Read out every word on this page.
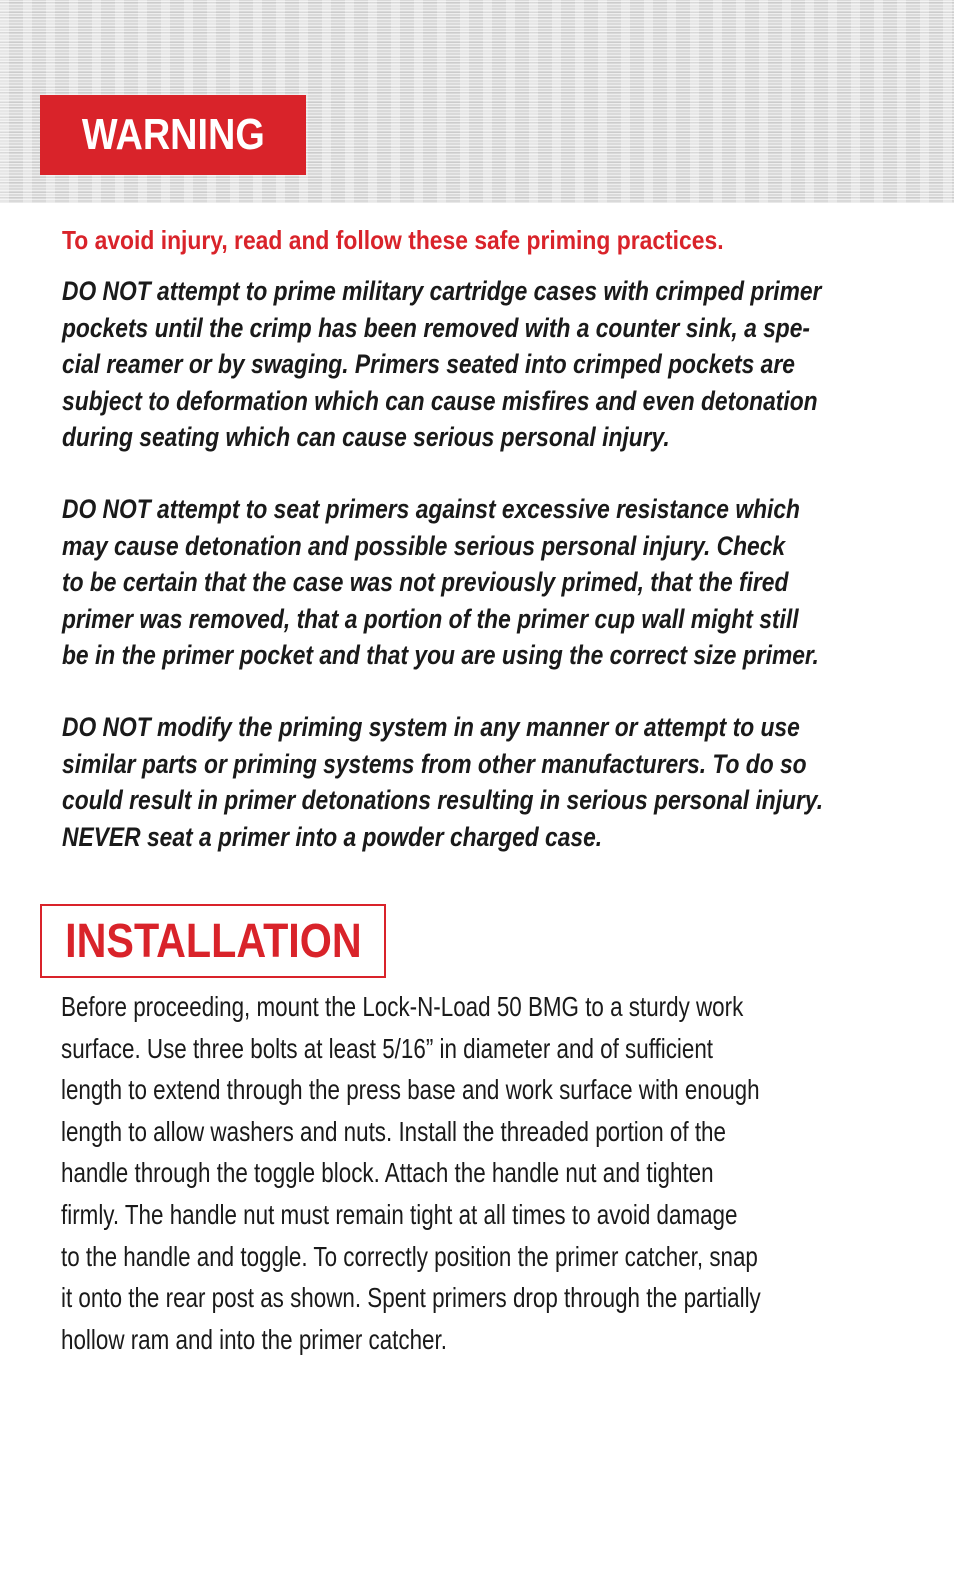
WARNING
To avoid injury, read and follow these safe priming practices.
DO NOT attempt to prime military cartridge cases with crimped primer
pockets until the crimp has been removed with a counter sink, a spe-
cial reamer or by swaging. Primers seated into crimped pockets are
subject to deformation which can cause misfires and even detonation
during seating which can cause serious personal injury.
DO NOT attempt to seat primers against excessive resistance which
may cause detonation and possible serious personal injury. Check
to be certain that the case was not previously primed, that the fired
primer was removed, that a portion of the primer cup wall might still
be in the primer pocket and that you are using the correct size primer.
DO NOT modify the priming system in any manner or attempt to use
similar parts or priming systems from other manufacturers. To do so
could result in primer detonations resulting in serious personal injury.
NEVER seat a primer into a powder charged case.
INSTALLATION
Before proceeding, mount the Lock-N-Load 50 BMG to a sturdy work
surface. Use three bolts at least 5/16” in diameter and of sufficient
length to extend through the press base and work surface with enough
length to allow washers and nuts. Install the threaded portion of the
handle through the toggle block. Attach the handle nut and tighten
firmly. The handle nut must remain tight at all times to avoid damage
to the handle and toggle. To correctly position the primer catcher, snap
it onto the rear post as shown. Spent primers drop through the partially
hollow ram and into the primer catcher.
